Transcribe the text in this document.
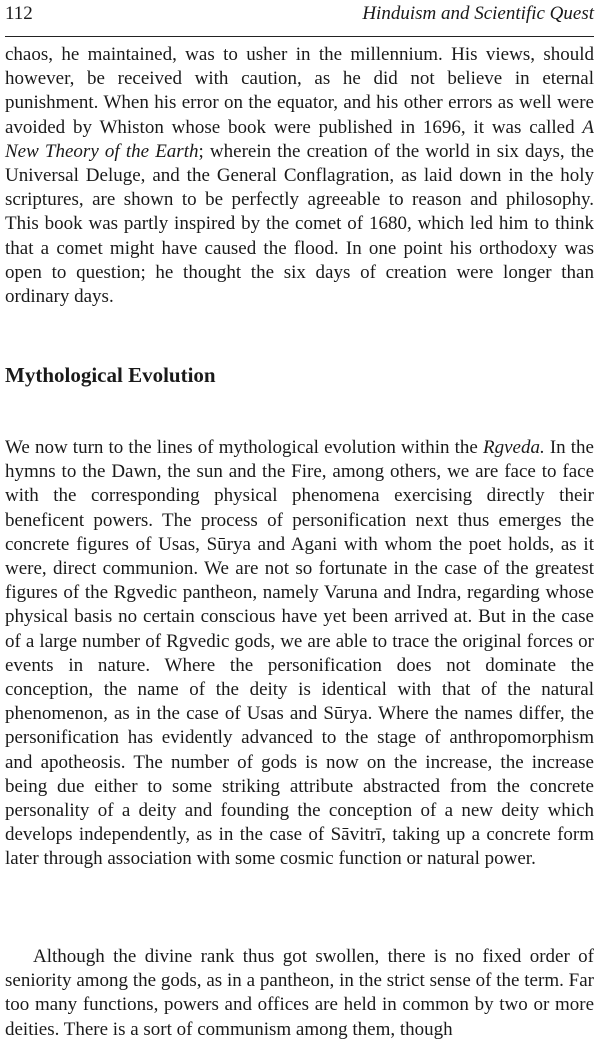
112	Hinduism and Scientific Quest

chaos, he maintained, was to usher in the millennium. His views, should however, be received with caution, as he did not believe in eternal punishment. When his error on the equator, and his other errors as well were avoided by Whiston whose book were published in 1696, it was called A New Theory of the Earth; wherein the creation of the world in six days, the Universal Deluge, and the General Conflagration, as laid down in the holy scriptures, are shown to be perfectly agreeable to reason and philosophy. This book was partly inspired by the comet of 1680, which led him to think that a comet might have caused the flood. In one point his orthodoxy was open to question; he thought the six days of creation were longer than ordinary days.

Mythological Evolution

We now turn to the lines of mythological evolution within the Rgveda. In the hymns to the Dawn, the sun and the Fire, among others, we are face to face with the corresponding physical phenomena exercising directly their beneficent powers. The process of personification next thus emerges the concrete figures of Usas, Sūrya and Agani with whom the poet holds, as it were, direct communion. We are not so fortunate in the case of the greatest figures of the Rgvedic pantheon, namely Varuna and Indra, regarding whose physical basis no certain conscious have yet been arrived at. But in the case of a large number of Rgvedic gods, we are able to trace the original forces or events in nature. Where the personification does not dominate the conception, the name of the deity is identical with that of the natural phenomenon, as in the case of Usas and Sūrya. Where the names differ, the personification has evidently advanced to the stage of anthropomorphism and apotheosis. The number of gods is now on the increase, the increase being due either to some striking attribute abstracted from the concrete personality of a deity and founding the conception of a new deity which develops independently, as in the case of Sāvitrī, taking up a concrete form later through association with some cosmic function or natural power.

Although the divine rank thus got swollen, there is no fixed order of seniority among the gods, as in a pantheon, in the strict sense of the term. Far too many functions, powers and offices are held in common by two or more deities. There is a sort of communism among them, though
